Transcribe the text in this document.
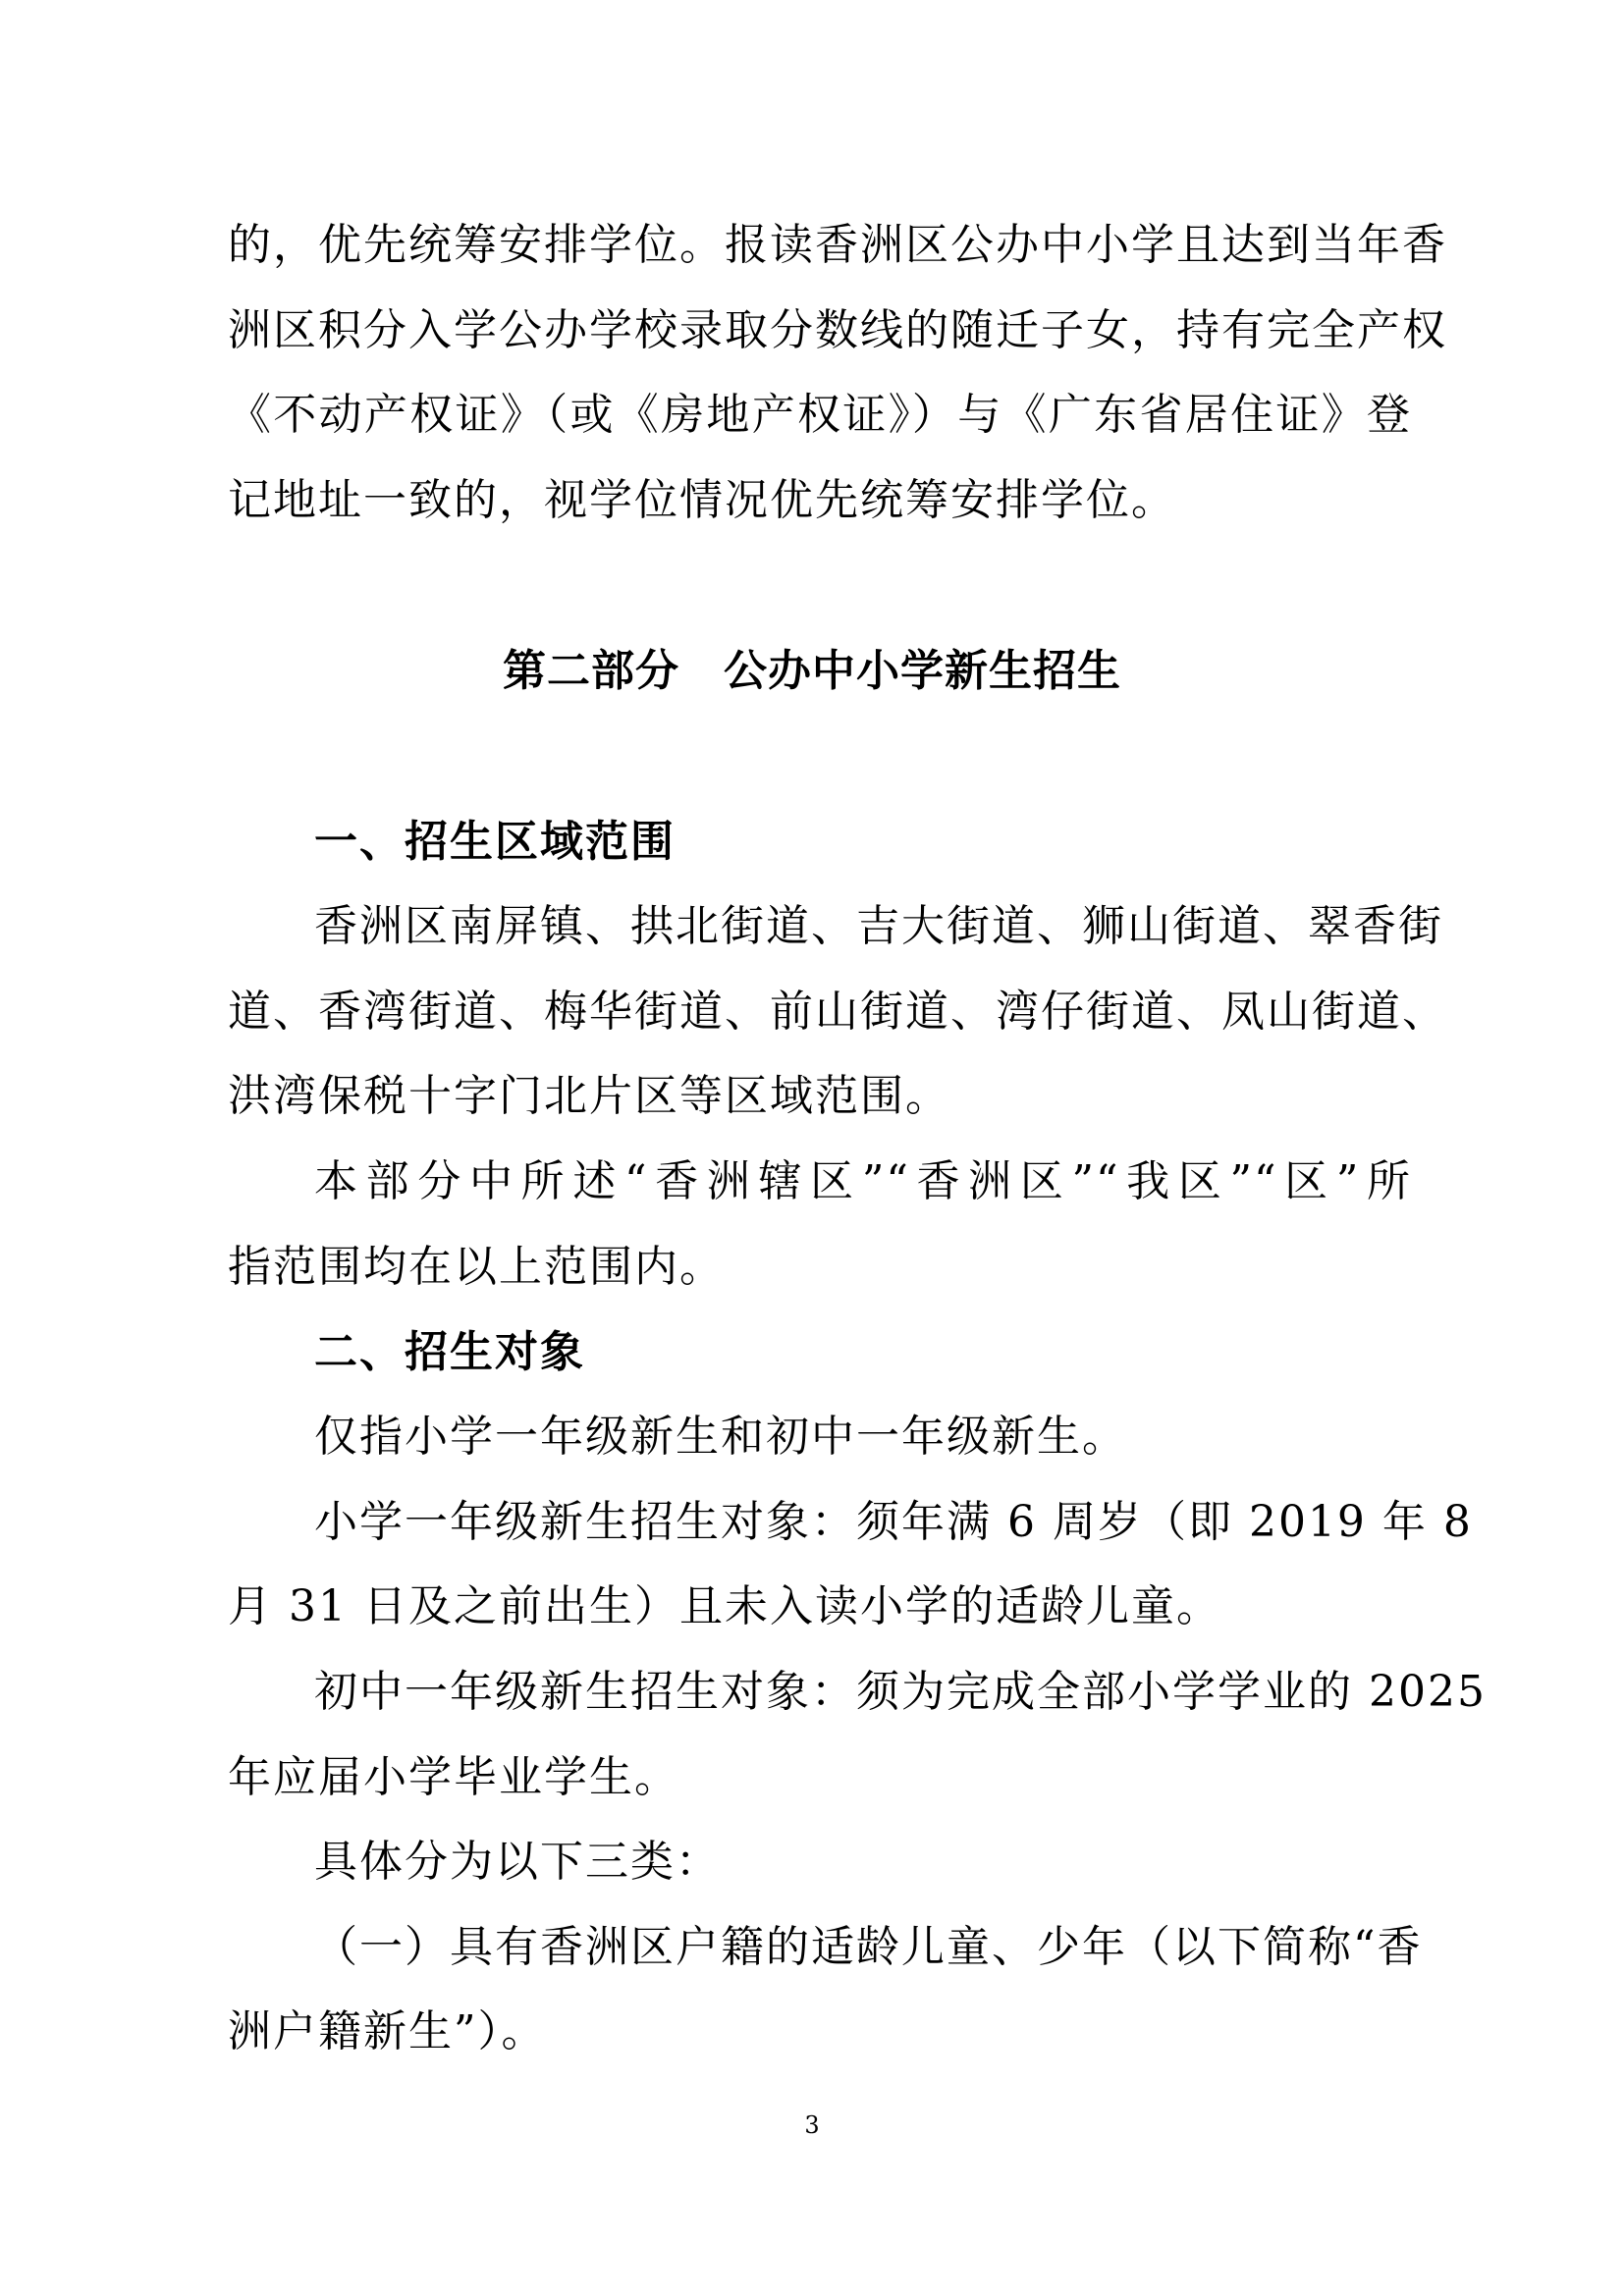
的，优先统筹安排学位。报读香洲区公办中小学且达到当年香
洲区积分入学公办学校录取分数线的随迁子女，持有完全产权
《不动产权证》（或《房地产权证》）与《广东省居住证》登
记地址一致的，视学位情况优先统筹安排学位。
第二部分　公办中小学新生招生
一、招生区域范围
香洲区南屏镇、拱北街道、吉大街道、狮山街道、翠香街
道、香湾街道、梅华街道、前山街道、湾仔街道、凤山街道、
洪湾保税十字门北片区等区域范围。
本部分中所述“香洲辖区”“香洲区”“我区”“区”所
指范围均在以上范围内。
二、招生对象
仅指小学一年级新生和初中一年级新生。
小学一年级新生招生对象：须年满 6 周岁（即 2019 年 8
月 31 日及之前出生）且未入读小学的适龄儿童。
初中一年级新生招生对象：须为完成全部小学学业的 2025
年应届小学毕业学生。
具体分为以下三类：
（一）具有香洲区户籍的适龄儿童、少年（以下简称“香
洲户籍新生”）。
3
